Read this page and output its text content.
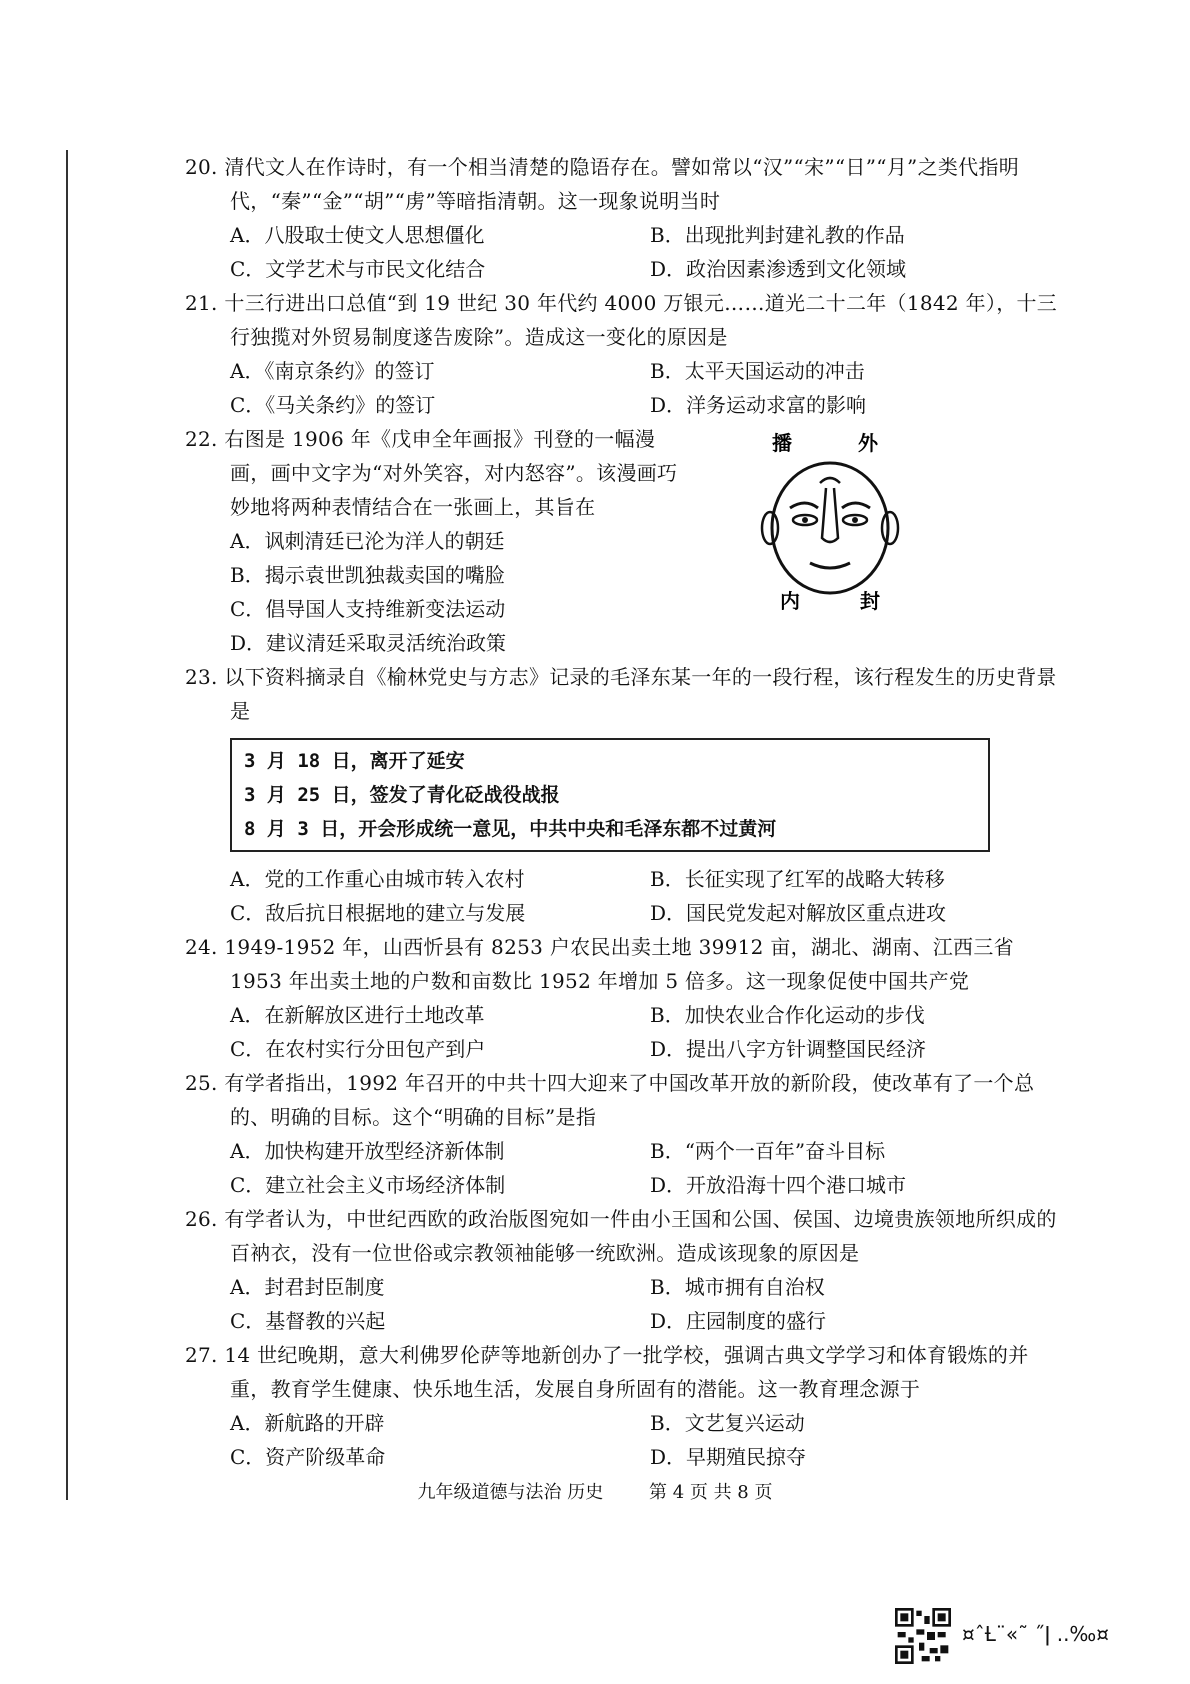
20. 清代文人在作诗时，有一个相当清楚的隐语存在。譬如常以“汉”“宋”“日”“月”之类代指明代，“秦”“金”“胡”“虏”等暗指清朝。这一现象说明当时

A．八股取士使文人思想僵化	B．出现批判封建礼教的作品
C．文学艺术与市民文化结合	D．政治因素渗透到文化领域

21. 十三行进出口总值“到 19 世纪 30 年代约 4000 万银元……道光二十二年（1842 年），十三行独揽对外贸易制度遂告废除”。造成这一变化的原因是

A．《南京条约》的签订	B．太平天国运动的冲击
C．《马关条约》的签订	D．洋务运动求富的影响

22. 右图是 1906 年《戊申全年画报》刊登的一幅漫画，画中文字为“对外笑容，对内怒容”。该漫画巧妙地将两种表情结合在一张画上，其旨在

A．讽刺清廷已沦为洋人的朝廷
B．揭示袁世凯独裁卖国的嘴脸
C．倡导国人支持维新变法运动
D．建议清廷采取灵活统治政策
播	外
内	封

23. 以下资料摘录自《榆林党史与方志》记录的毛泽东某一年的一段行程，该行程发生的历史背景是

3 月 18 日，离开了延安
3 月 25 日，签发了青化砭战役战报
8 月 3 日，开会形成统一意见，中共中央和毛泽东都不过黄河
A．党的工作重心由城市转入农村	B．长征实现了红军的战略大转移
C．敌后抗日根据地的建立与发展	D．国民党发起对解放区重点进攻

24. 1949-1952 年，山西忻县有 8253 户农民出卖土地 39912 亩，湖北、湖南、江西三省 1953 年出卖土地的户数和亩数比 1952 年增加 5 倍多。这一现象促使中国共产党

A．在新解放区进行土地改革	B．加快农业合作化运动的步伐
C．在农村实行分田包产到户	D．提出八字方针调整国民经济

25. 有学者指出，1992 年召开的中共十四大迎来了中国改革开放的新阶段，使改革有了一个总的、明确的目标。这个“明确的目标”是指

A．加快构建开放型经济新体制	B．“两个一百年”奋斗目标
C．建立社会主义市场经济体制	D．开放沿海十四个港口城市

26. 有学者认为，中世纪西欧的政治版图宛如一件由小王国和公国、侯国、边境贵族领地所织成的百衲衣，没有一位世俗或宗教领袖能够一统欧洲。造成该现象的原因是

A．封君封臣制度	B．城市拥有自治权
C．基督教的兴起	D．庄园制度的盛行

27. 14 世纪晚期，意大利佛罗伦萨等地新创办了一批学校，强调古典文学学习和体育锻炼的并重，教育学生健康、快乐地生活，发展自身所固有的潜能。这一教育理念源于

A．新航路的开辟	B．文艺复兴运动
C．资产阶级革命	D．早期殖民掠夺
九年级道德与法治 历史	第 4 页 共 8 页
¤ˆȽ¨«˜ ˝ǀ ..‰¤
